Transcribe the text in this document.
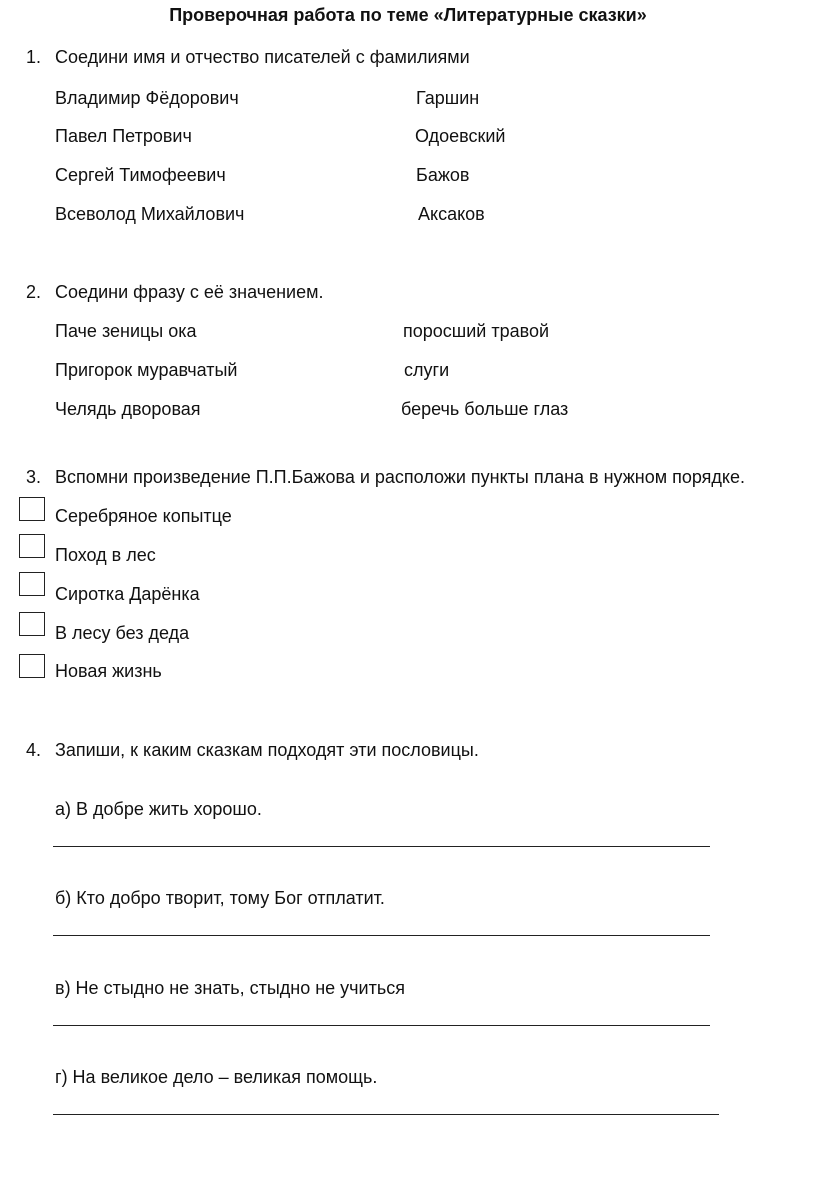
Проверочная работа по теме «Литературные сказки»
1. Соедини имя и отчество писателей с фамилиями
Владимир Фёдорович
Павел Петрович
Сергей Тимофеевич
Всеволод Михайлович
Гаршин
Одоевский
Бажов
Аксаков
2. Соедини фразу с её значением.
Паче зеницы ока
Пригорок муравчатый
Челядь дворовая
поросший травой
слуги
беречь больше глаз
3. Вспомни произведение П.П.Бажова и расположи пункты плана в нужном порядке.
Серебряное копытце
Поход в лес
Сиротка Дарёнка
В лесу без деда
Новая жизнь
4. Запиши, к каким сказкам подходят эти пословицы.
а) В добре жить хорошо.
б) Кто добро творит, тому Бог отплатит.
в) Не стыдно не знать, стыдно не учиться
г) На великое дело – великая помощь.
